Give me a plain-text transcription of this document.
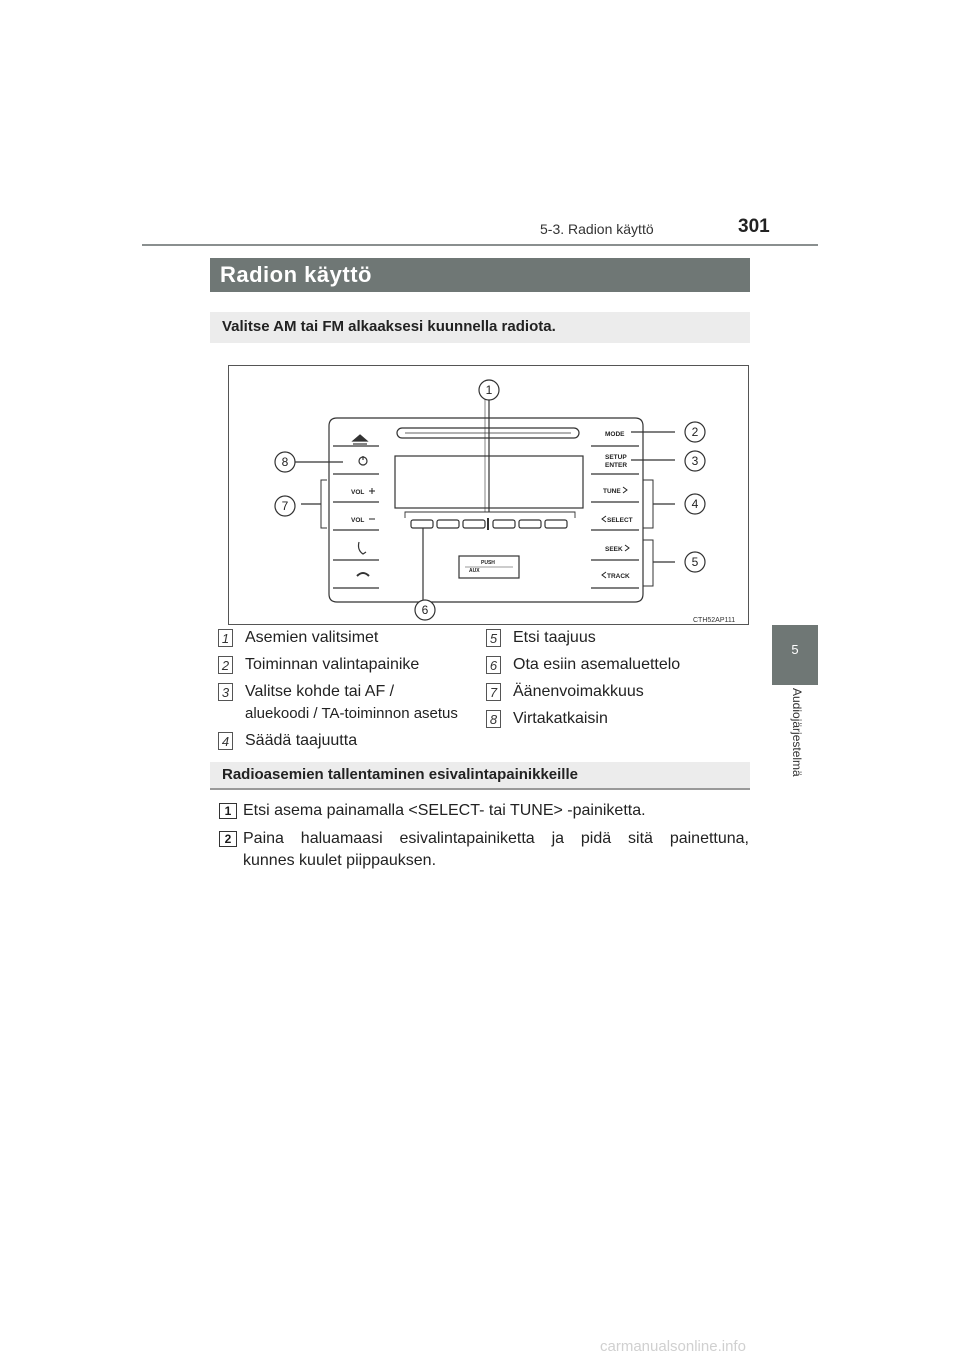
5-3. Radion käyttö	301
5
Audiojärjestelmä
Radion käyttö
Valitse AM tai FM alkaaksesi kuunnella radiota.
1
2
3
4
5
6
7
8
MODE
SETUP
ENTER
TUNE
SELECT
SEEK
TRACK
VOL
VOL
PUSH
AUX
CTH52AP111
1 Asemien valitsimet
2 Toiminnan valintapainike
3 Valitse kohde tai AF /
aluekoodi / TA-toiminnon asetus
4 Säädä taajuutta
5 Etsi taajuus
6 Ota esiin asemaluettelo
7 Äänenvoimakkuus
8 Virtakatkaisin
Radioasemien tallentaminen esivalintapainikkeille
1 Etsi asema painamalla <SELECT- tai TUNE> -painiketta.
2 Paina haluamaasi esivalintapainiketta ja pidä sitä painettuna,
kunnes kuulet piippauksen.
carmanualsonline.info
